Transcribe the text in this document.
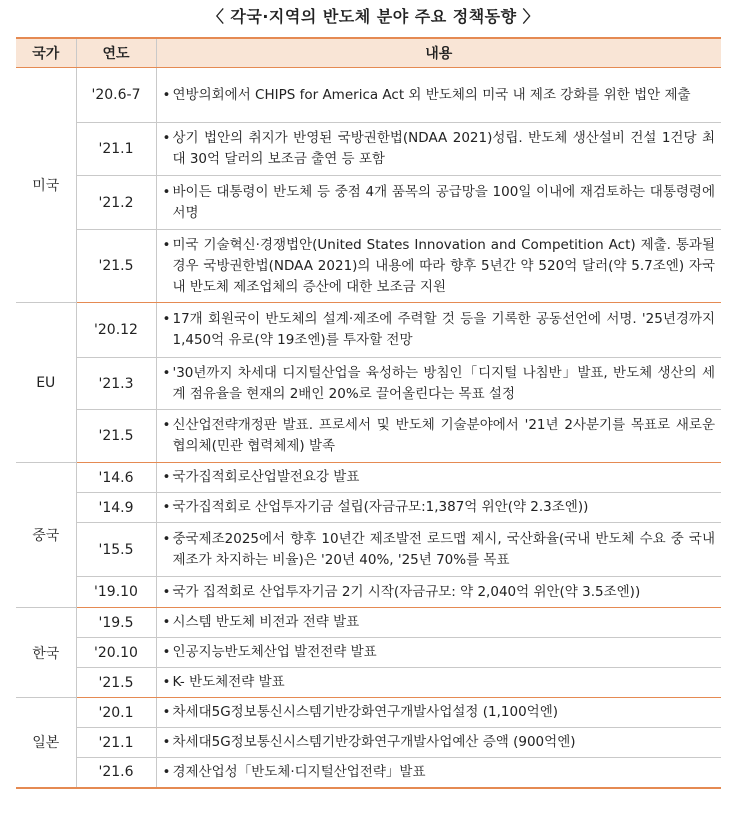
〈 각국·지역의 반도체 분야 주요 정책동향 〉
국가	연도	내용
미국	'20.6-7	• 연방의회에서 CHIPS for America Act 외 반도체의 미국 내 제조 강화를 위한 법안 제출

	'21.1	• 상기 법안의 취지가 반영된 국방권한법(NDAA 2021)성립. 반도체 생산설비 건설 1건당 최대 30억 달러의 보조금 출연 등 포함

	'21.2	• 바이든 대통령이 반도체 등 중점 4개 품목의 공급망을 100일 이내에 재검토하는 대통령령에 서명

	'21.5	• 미국 기술혁신·경쟁법안(United States Innovation and Competition Act) 제출. 통과될 경우 국방권한법(NDAA 2021)의 내용에 따라 향후 5년간 약 520억 달러(약 5.7조엔) 자국 내 반도체 제조업체의 증산에 대한 보조금 지원

EU	'20.12	• 17개 회원국이 반도체의 설계·제조에 주력할 것 등을 기록한 공동선언에 서명. '25년경까지 1,450억 유로(약 19조엔)를 투자할 전망

	'21.3	• '30년까지 차세대 디지털산업을 육성하는 방침인「디지털 나침반」발표, 반도체 생산의 세계 점유율을 현재의 2배인 20%로 끌어올린다는 목표 설정

	'21.5	• 신산업전략개정판 발표. 프로세서 및 반도체 기술분야에서 '21년 2사분기를 목표로 새로운 협의체(민관 협력체제) 발족

중국	'14.6	• 국가집적회로산업발전요강 발표

	'14.9	• 국가집적회로 산업투자기금 설립(자금규모:1,387억 위안(약 2.3조엔))

	'15.5	• 중국제조2025에서 향후 10년간 제조발전 로드맵 제시, 국산화율(국내 반도체 수요 중 국내 제조가 차지하는 비율)은 '20년 40%, '25년 70%를 목표

	'19.10	• 국가 집적회로 산업투자기금 2기 시작(자금규모: 약 2,040억 위안(약 3.5조엔))

한국	'19.5	• 시스템 반도체 비전과 전략 발표

	'20.10	• 인공지능반도체산업 발전전략 발표

	'21.5	• K- 반도체전략 발표

일본	'20.1	• 차세대5G정보통신시스템기반강화연구개발사업설정 (1,100억엔)

	'21.1	• 차세대5G정보통신시스템기반강화연구개발사업예산 증액 (900억엔)

	'21.6	• 경제산업성「반도체·디지털산업전략」발표
